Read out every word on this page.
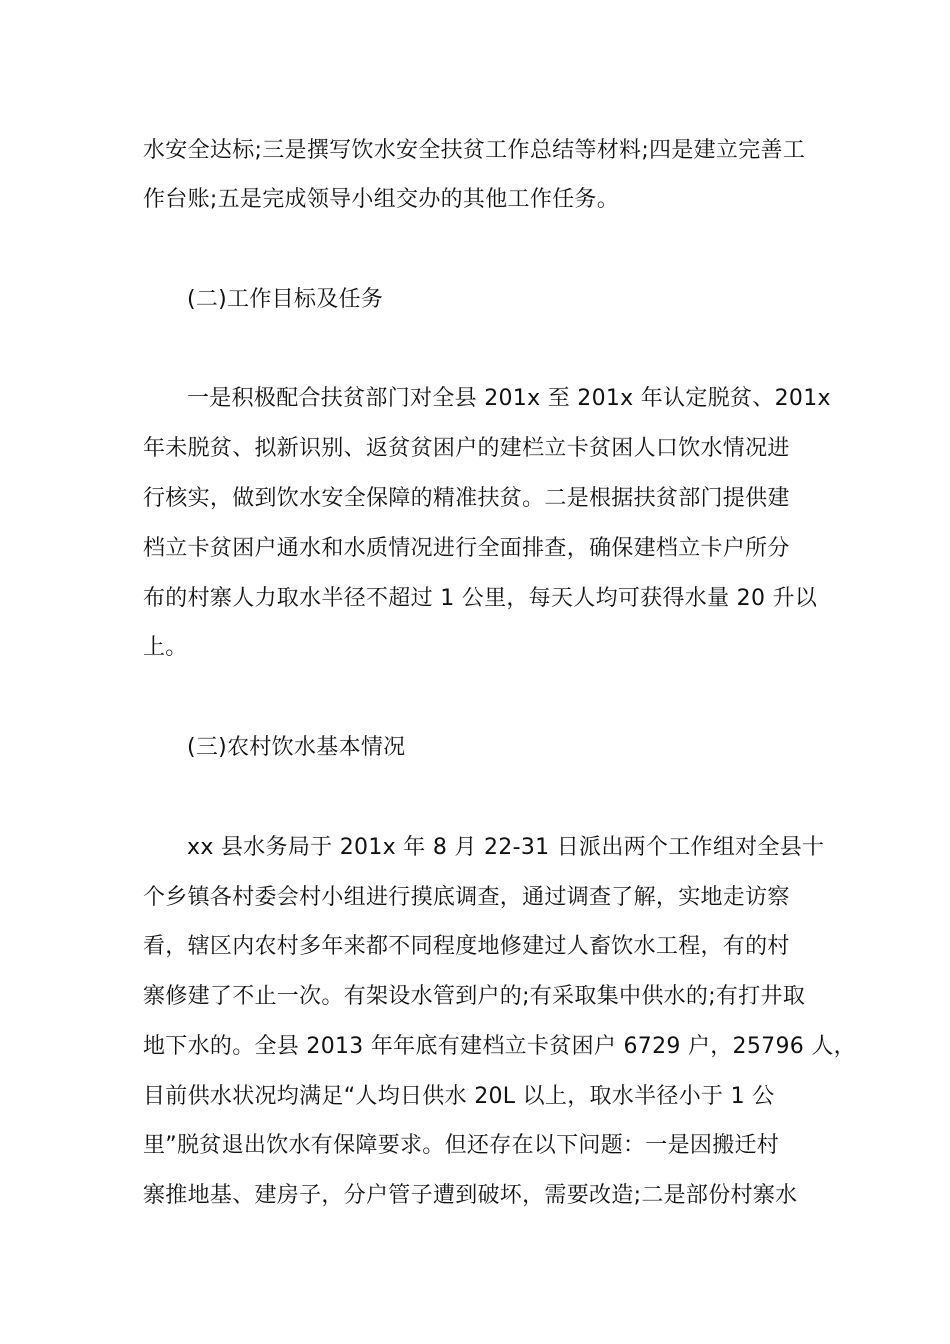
水安全达标;三是撰写饮水安全扶贫工作总结等材料;四是建立完善工

作台账;五是完成领导小组交办的其他工作任务。

(二)工作目标及任务

一是积极配合扶贫部门对全县 201x 至 201x 年认定脱贫、201x

年未脱贫、拟新识别、返贫贫困户的建栏立卡贫困人口饮水情况进

行核实，做到饮水安全保障的精准扶贫。二是根据扶贫部门提供建

档立卡贫困户通水和水质情况进行全面排查，确保建档立卡户所分

布的村寨人力取水半径不超过 1 公里，每天人均可获得水量 20 升以

上。

(三)农村饮水基本情况

xx 县水务局于 201x 年 8 月 22-31 日派出两个工作组对全县十

个乡镇各村委会村小组进行摸底调查，通过调查了解，实地走访察

看，辖区内农村多年来都不同程度地修建过人畜饮水工程，有的村

寨修建了不止一次。有架设水管到户的;有采取集中供水的;有打井取

地下水的。全县 2013 年年底有建档立卡贫困户 6729 户，25796 人，

目前供水状况均满足“人均日供水 20L 以上，取水半径小于 1 公

里”脱贫退出饮水有保障要求。但还存在以下问题：一是因搬迁村

寨推地基、建房子，分户管子遭到破坏，需要改造;二是部份村寨水
